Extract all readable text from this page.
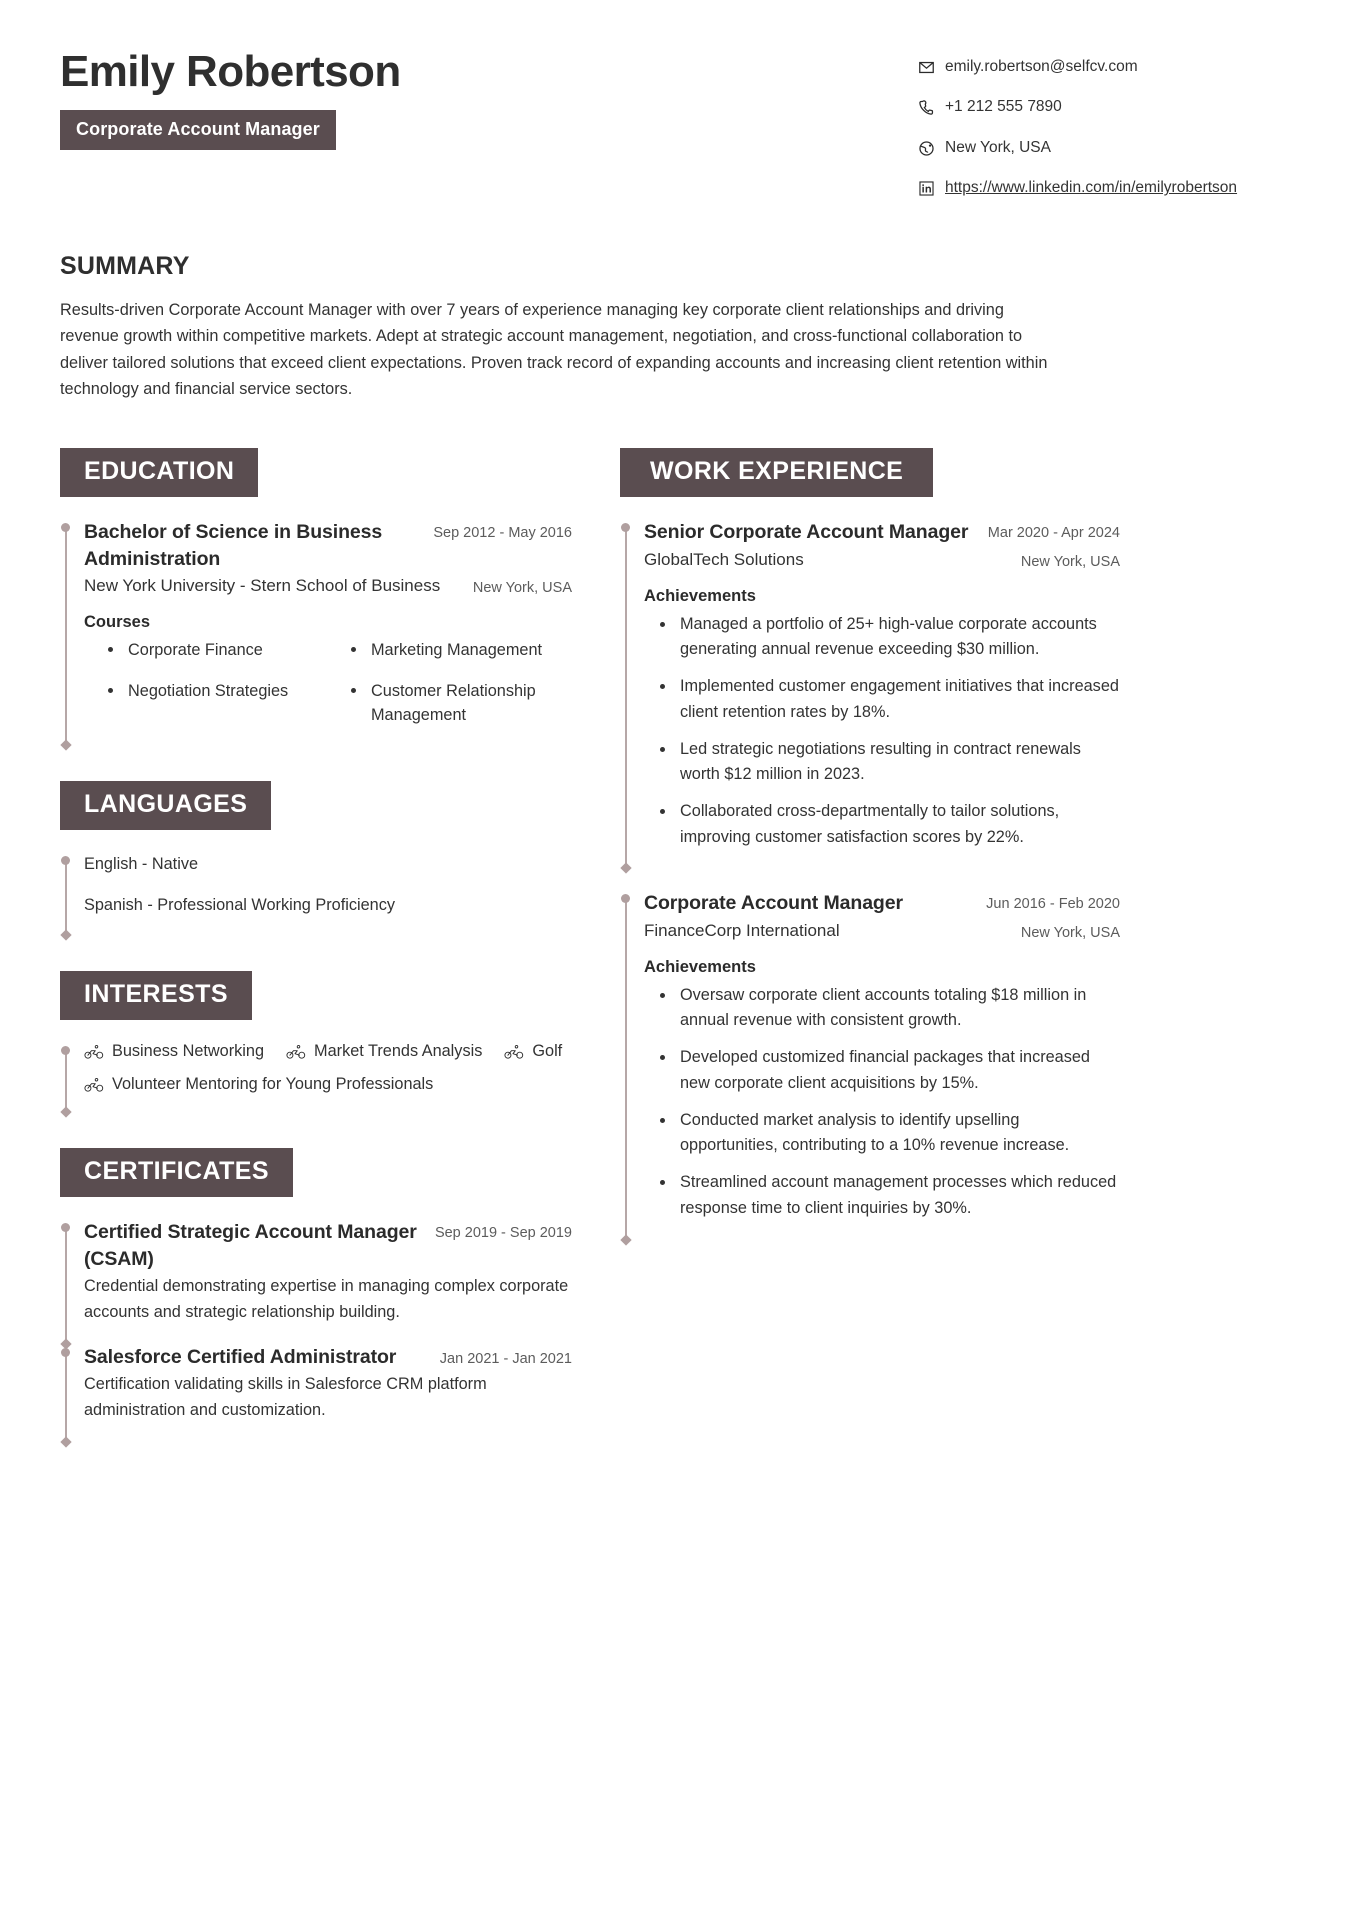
Emily Robertson
Corporate Account Manager
emily.robertson@selfcv.com
+1 212 555 7890
New York, USA
https://www.linkedin.com/in/emilyrobertson
SUMMARY
Results-driven Corporate Account Manager with over 7 years of experience managing key corporate client relationships and driving revenue growth within competitive markets. Adept at strategic account management, negotiation, and cross-functional collaboration to deliver tailored solutions that exceed client expectations. Proven track record of expanding accounts and increasing client retention within technology and financial service sectors.
EDUCATION
Bachelor of Science in Business Administration
Sep 2012 - May 2016
New York University - Stern School of Business New York, USA
Courses
Corporate Finance	Marketing Management
Negotiation Strategies	Customer Relationship Management
LANGUAGES
English - Native
Spanish - Professional Working Proficiency
INTERESTS
Business Networking	Market Trends Analysis	Golf
Volunteer Mentoring for Young Professionals
CERTIFICATES
Certified Strategic Account Manager (CSAM)
Sep 2019 - Sep 2019
Credential demonstrating expertise in managing complex corporate accounts and strategic relationship building.
Salesforce Certified Administrator	Jan 2021 - Jan 2021
Certification validating skills in Salesforce CRM platform administration and customization.
WORK EXPERIENCE
Senior Corporate Account Manager Mar 2020 - Apr 2024
GlobalTech Solutions	New York, USA
Achievements
Managed a portfolio of 25+ high-value corporate accounts generating annual revenue exceeding $30 million.
Implemented customer engagement initiatives that increased client retention rates by 18%.
Led strategic negotiations resulting in contract renewals worth $12 million in 2023.
Collaborated cross-departmentally to tailor solutions, improving customer satisfaction scores by 22%.
Corporate Account Manager	Jun 2016 - Feb 2020
FinanceCorp International	New York, USA
Achievements
Oversaw corporate client accounts totaling $18 million in annual revenue with consistent growth.
Developed customized financial packages that increased new corporate client acquisitions by 15%.
Conducted market analysis to identify upselling opportunities, contributing to a 10% revenue increase.
Streamlined account management processes which reduced response time to client inquiries by 30%.
